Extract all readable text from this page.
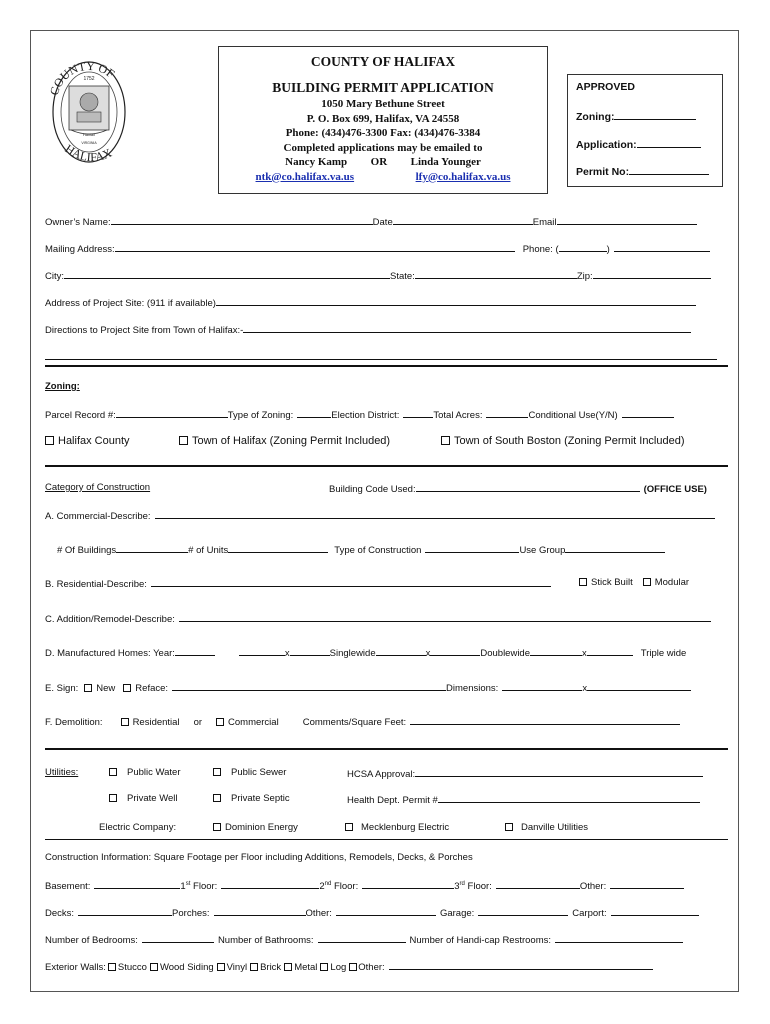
COUNTY OF
1752
Halifax
VIRGINIA
HALIFAX
COUNTY OF HALIFAX
BUILDING PERMIT APPLICATION
1050 Mary Bethune Street
P. O. Box 699, Halifax, VA 24558
Phone: (434)476-3300 Fax: (434)476-3384
Completed applications may be emailed to
Nancy Kamp OR Linda Younger
ntk@co.halifax.va.us	lfy@co.halifax.va.us
APPROVED
Zoning:
Application:
Permit No:
Owner’s Name:	Date	Email
Mailing Address:	Phone: (	)
City:	State:	Zip:
Address of Project Site: (911 if available)
Directions to Project Site from Town of Halifax:-
Zoning:
Parcel Record #:	Type of Zoning:	Election District:	Total Acres:	Conditional Use(Y/N)
Halifax County	Town of Halifax (Zoning Permit Included)	Town of South Boston (Zoning Permit Included)
Category of Construction	Building Code Used:	(OFFICE USE)
A. Commercial-Describe:
# Of Buildings	# of Units	Type of Construction	Use Group
B. Residential-Describe:	Stick Built Modular
C. Addition/Remodel-Describe:
D. Manufactured Homes: Year:	x	Singlewide	x	Doublewide	x	Triple wide
E. Sign: New Reface:	Dimensions:	x
F. Demolition:	Residential or	Commercial	Comments/Square Feet:
Utilities:	Public Water	Public Sewer	HCSA Approval:
Private Well	Private Septic	Health Dept. Permit #
Electric Company:	Dominion Energy	Mecklenburg Electric	Danville Utilities
Construction Information: Square Footage per Floor including Additions, Remodels, Decks, & Porches
Basement:	1st Floor:	2nd Floor:	3rd Floor:	Other:
Decks:	Porches:	Other:	Garage:	Carport:
Number of Bedrooms:	Number of Bathrooms:	Number of Handi-cap Restrooms:
Exterior Walls: Stucco Wood Siding Vinyl Brick Metal Log Other:
